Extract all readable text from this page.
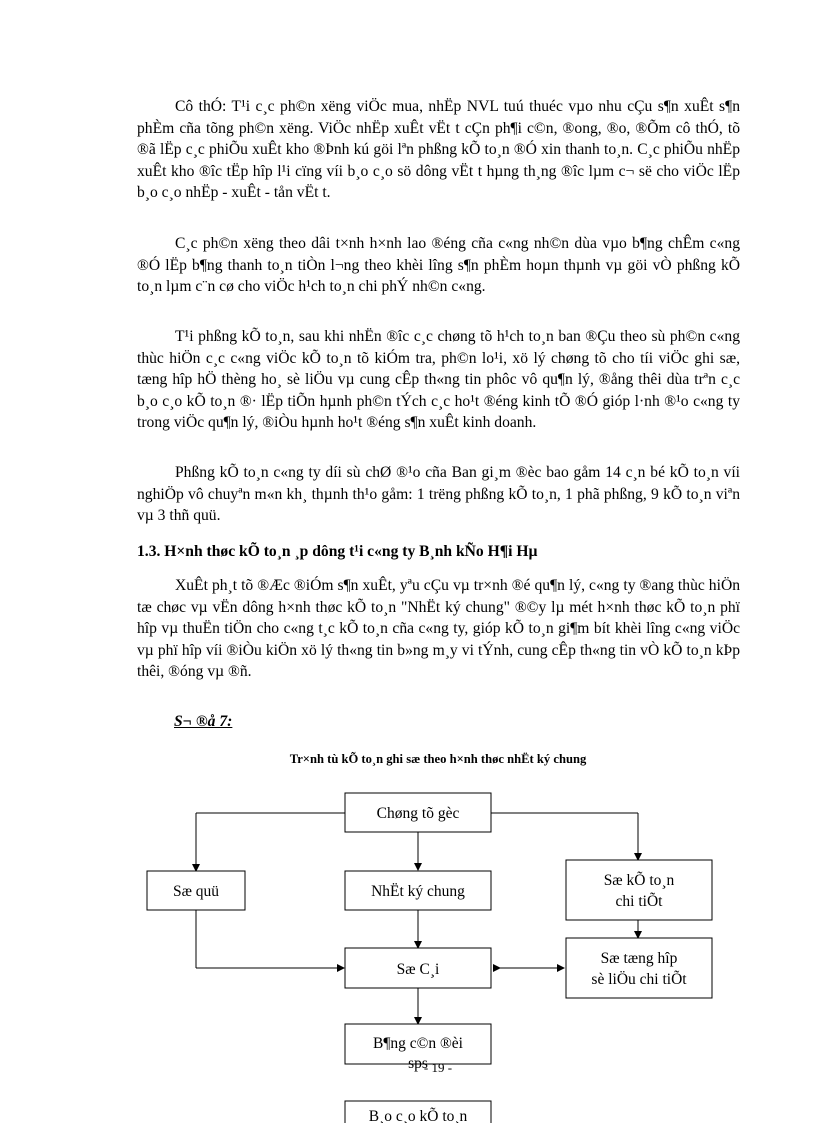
Cô thÓ: T¹i c¸c ph©n xëng viÖc mua, nhËp NVL tuú thuéc vµo nhu cÇu s¶n xuÊt s¶n phÈm cña tõng ph©n xëng. ViÖc nhËp xuÊt vËt t cÇn ph¶i c©n, ®ong, ®o, ®Õm cô thÓ, tõ ®ã lËp c¸c phiÕu xuÊt kho ®Þnh kú göi lªn phßng kÕ to¸n ®Ó xin thanh to¸n. C¸c phiÕu nhËp xuÊt kho ®îc tËp hîp l¹i cïng víi b¸o c¸o sö dông vËt t hµng th¸ng ®îc lµm c¬ së cho viÖc lËp b¸o c¸o nhËp - xuÊt - tån vËt t.

C¸c ph©n xëng theo dâi t×nh h×nh lao ®éng cña c«ng nh©n dùa vµo b¶ng chÊm c«ng ®Ó lËp b¶ng thanh to¸n tiÒn l¬ng theo khèi lîng s¶n phÈm hoµn thµnh vµ göi vÒ phßng kÕ to¸n lµm c¨n cø cho viÖc h¹ch to¸n chi phÝ nh©n c«ng.

T¹i phßng kÕ to¸n, sau khi nhËn ®îc c¸c chøng tõ h¹ch to¸n ban ®Çu theo sù ph©n c«ng thùc hiÖn c¸c c«ng viÖc kÕ to¸n tõ kiÓm tra, ph©n lo¹i, xö lý chøng tõ cho tíi viÖc ghi sæ, tæng hîp hÖ thèng ho¸ sè liÖu vµ cung cÊp th«ng tin phôc vô qu¶n lý, ®ång thêi dùa trªn c¸c b¸o c¸o kÕ to¸n ®· lËp tiÕn hµnh ph©n tÝch c¸c ho¹t ®éng kinh tÕ ®Ó gióp l·nh ®¹o c«ng ty trong viÖc qu¶n lý, ®iÒu hµnh ho¹t ®éng s¶n xuÊt kinh doanh.

Phßng kÕ to¸n c«ng ty díi sù chØ ®¹o cña Ban gi¸m ®èc bao gåm 14 c¸n bé kÕ to¸n víi nghiÖp vô chuyªn m«n kh¸ thµnh th¹o gåm: 1 trëng phßng kÕ to¸n, 1 phã phßng, 9 kÕ to¸n viªn vµ 3 thñ quü.

1.3. H×nh thøc kÕ to¸n ¸p dông t¹i c«ng ty B¸nh kÑo H¶i Hµ

XuÊt ph¸t tõ ®Æc ®iÓm s¶n xuÊt, yªu cÇu vµ tr×nh ®é qu¶n lý, c«ng ty ®ang thùc hiÖn tæ chøc vµ vËn dông h×nh thøc kÕ to¸n "NhËt ký chung" ®©y lµ mét h×nh thøc kÕ to¸n phï hîp vµ thuËn tiÖn cho c«ng t¸c kÕ to¸n cña c«ng ty, gióp kÕ to¸n gi¶m bít khèi lîng c«ng viÖc vµ phï hîp víi ®iÒu kiÖn xö lý th«ng tin b»ng m¸y vi tÝnh, cung cÊp th«ng tin vÒ kÕ to¸n kÞp thêi, ®óng vµ ®ñ.

S¬ ®å 7:

Tr×nh tù kÕ to¸n ghi sæ theo h×nh thøc nhËt ký chung

Chøng tõ gèc
NhËt ký chung
Sæ quü
Sæ kÕ to¸n
chi tiÕt
Sæ C¸i
Sæ tæng hîp
sè liÖu chi tiÕt
B¶ng c©n ®èi
sps
- 19 -
B¸o c¸o kÕ to¸n
